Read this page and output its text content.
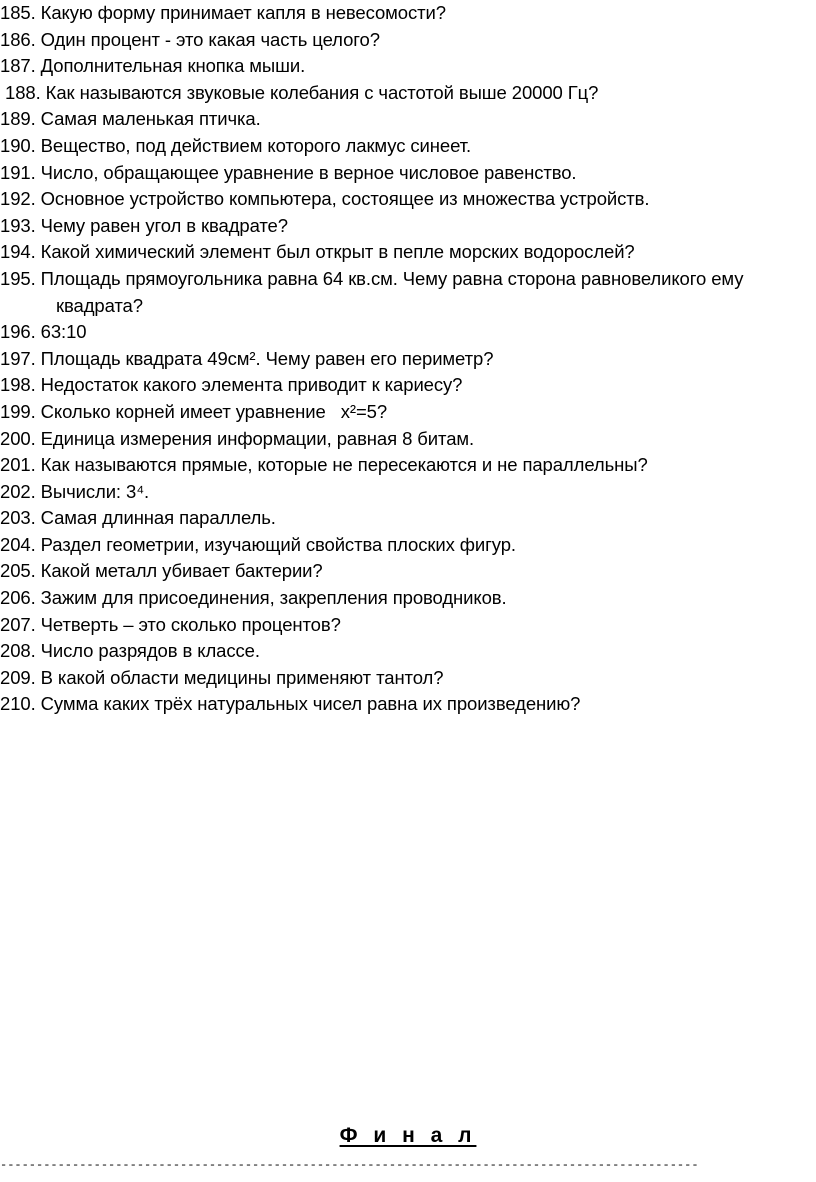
185. Какую форму принимает капля в невесомости?
186. Один процент - это какая часть целого?
187. Дополнительная кнопка мыши.
188. Как называются звуковые колебания с частотой выше 20000 Гц?
189. Самая маленькая птичка.
190. Вещество, под действием которого лакмус синеет.
191. Число, обращающее уравнение в верное числовое равенство.
192. Основное устройство компьютера, состоящее из множества устройств.
193. Чему равен угол в квадрате?
194. Какой химический элемент был открыт в пепле морских водорослей?
195. Площадь прямоугольника равна 64 кв.см. Чему равна сторона равновеликого ему квадрата?
196. 63:10
197. Площадь квадрата 49см². Чему равен его периметр?
198. Недостаток какого элемента приводит к кариесу?
199. Сколько корней имеет уравнение   х²=5?
200. Единица измерения информации, равная 8 битам.
201. Как называются прямые, которые не пересекаются и не параллельны?
202. Вычисли: 3⁴.
203. Самая длинная параллель.
204. Раздел геометрии, изучающий свойства плоских фигур.
205. Какой металл убивает бактерии?
206. Зажим для присоединения, закрепления проводников.
207. Четверть – это сколько процентов?
208. Число разрядов в классе.
209. В какой области медицины применяют тантол?
210. Сумма каких трёх натуральных чисел равна их произведению?
Ф и н а л
-------------------------------------------------------------------------------------------------
